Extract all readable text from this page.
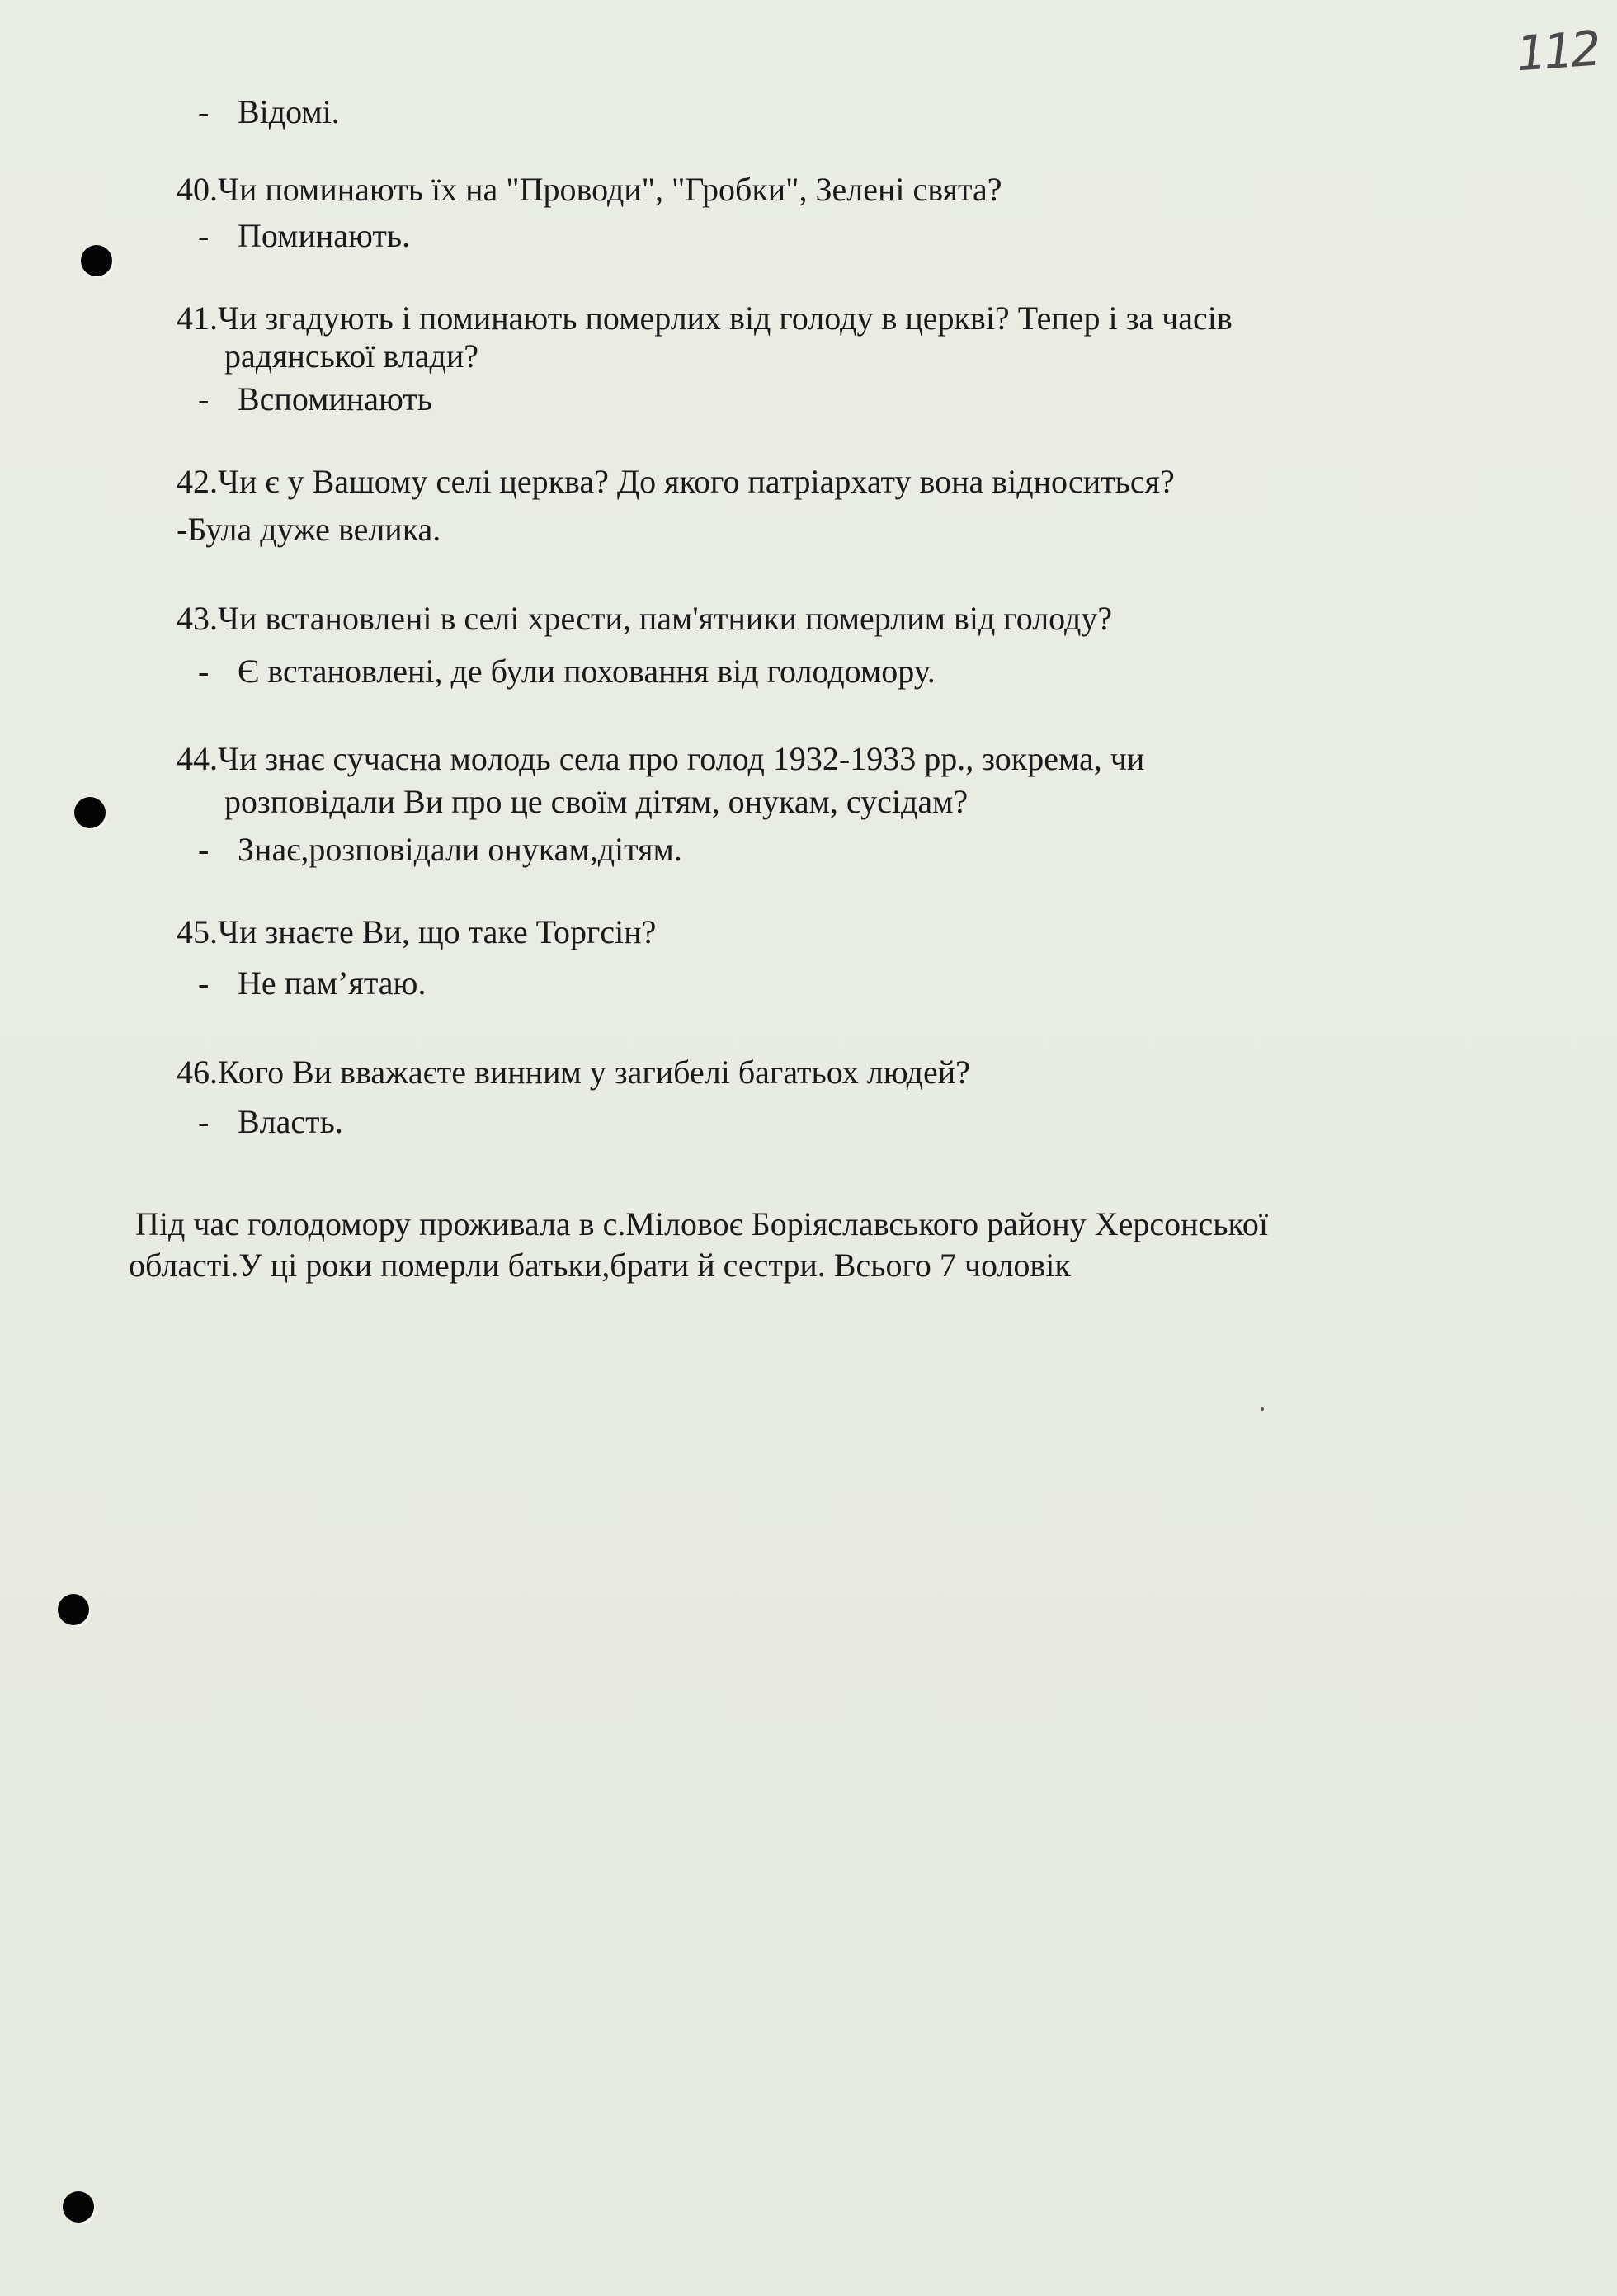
112
- Відомі.
40.Чи поминають їх на "Проводи", "Гробки", Зелені свята?
- Поминають.
41.Чи згадують і поминають померлих від голоду в церкві? Тепер і за часів
радянської влади?
- Вспоминають
42.Чи є у Вашому селі церква? До якого патріархату вона відноситься?
-Була дуже велика.
43.Чи встановлені в селі хрести, пам'ятники померлим від голоду?
- Є встановлені, де були поховання від голодомору.
44.Чи знає сучасна молодь села про голод 1932-1933 рр., зокрема, чи
розповідали Ви про це своїм дітям, онукам, сусідам?
- Знає,розповідали онукам,дітям.
45.Чи знаєте Ви, що таке Торгсін?
- Не пам’ятаю.
46.Кого Ви вважаєте винним у загибелі багатьох людей?
- Власть.
Під час голодомору проживала в с.Міловоє Боріяславського району Херсонської
області.У ці роки померли батьки,брати й сестри. Всього 7 чоловік
